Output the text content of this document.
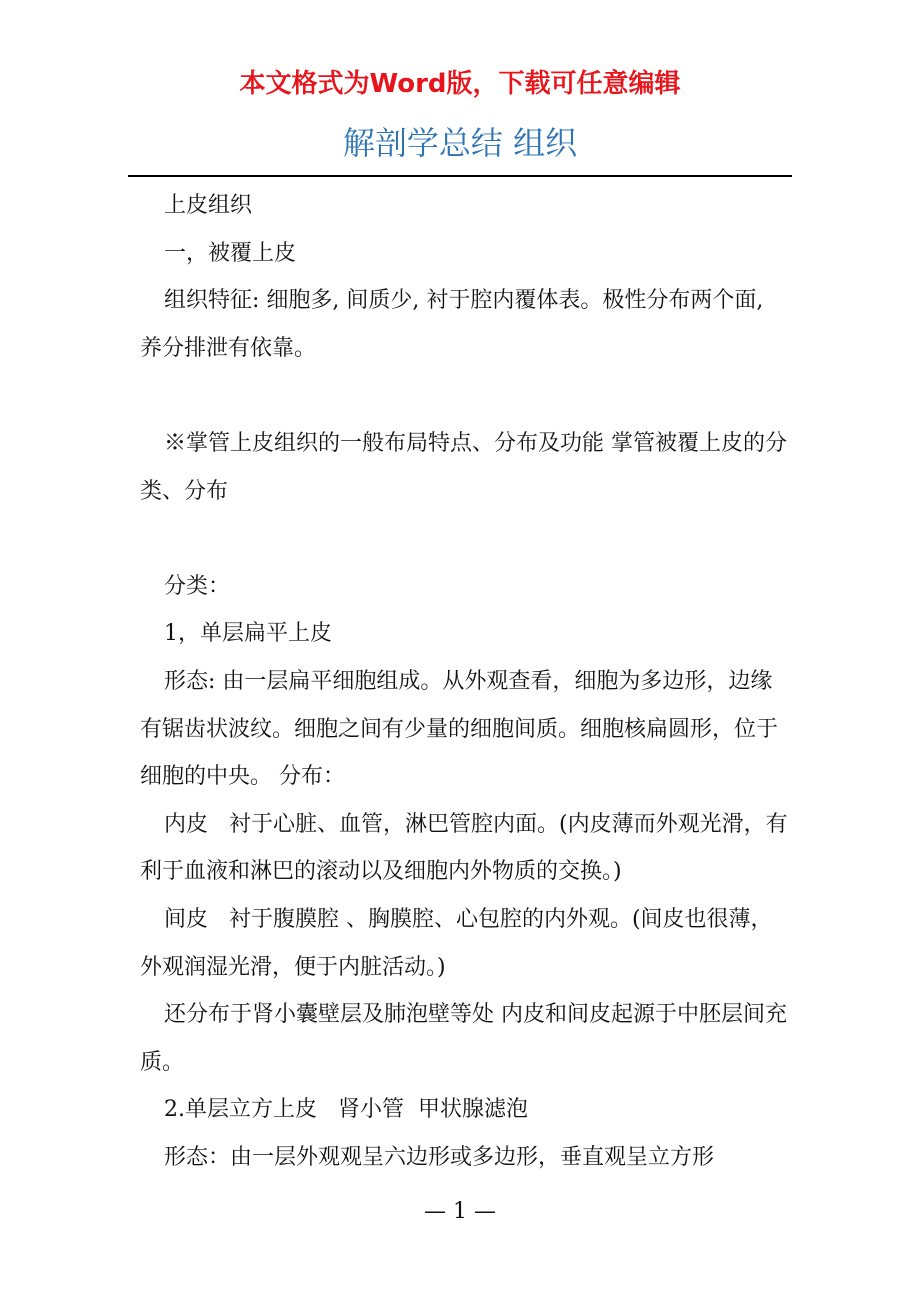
本文格式为Word版，下载可任意编辑
解剖学总结 组织

上皮组织

一，被覆上皮

组织特征: 细胞多, 间质少, 衬于腔内覆体表。极性分布两个面, 养分排泄有依靠。

※掌管上皮组织的一般布局特点、分布及功能 掌管被覆上皮的分类、分布

分类：

1，单层扁平上皮

形态: 由一层扁平细胞组成。从外观查看，细胞为多边形，边缘有锯齿状波纹。细胞之间有少量的细胞间质。细胞核扁圆形，位于细胞的中央。 分布：

内皮   衬于心脏、血管，淋巴管腔内面。(内皮薄而外观光滑，有利于血液和淋巴的滚动以及细胞内外物质的交换。)

间皮   衬于腹膜腔 、胸膜腔、心包腔的内外观。(间皮也很薄，外观润湿光滑，便于内脏活动。)

还分布于肾小囊壁层及肺泡壁等处 内皮和间皮起源于中胚层间充质。

2.单层立方上皮   肾小管  甲状腺滤泡

形态：由一层外观观呈六边形或多边形，垂直观呈立方形

— 1 —
